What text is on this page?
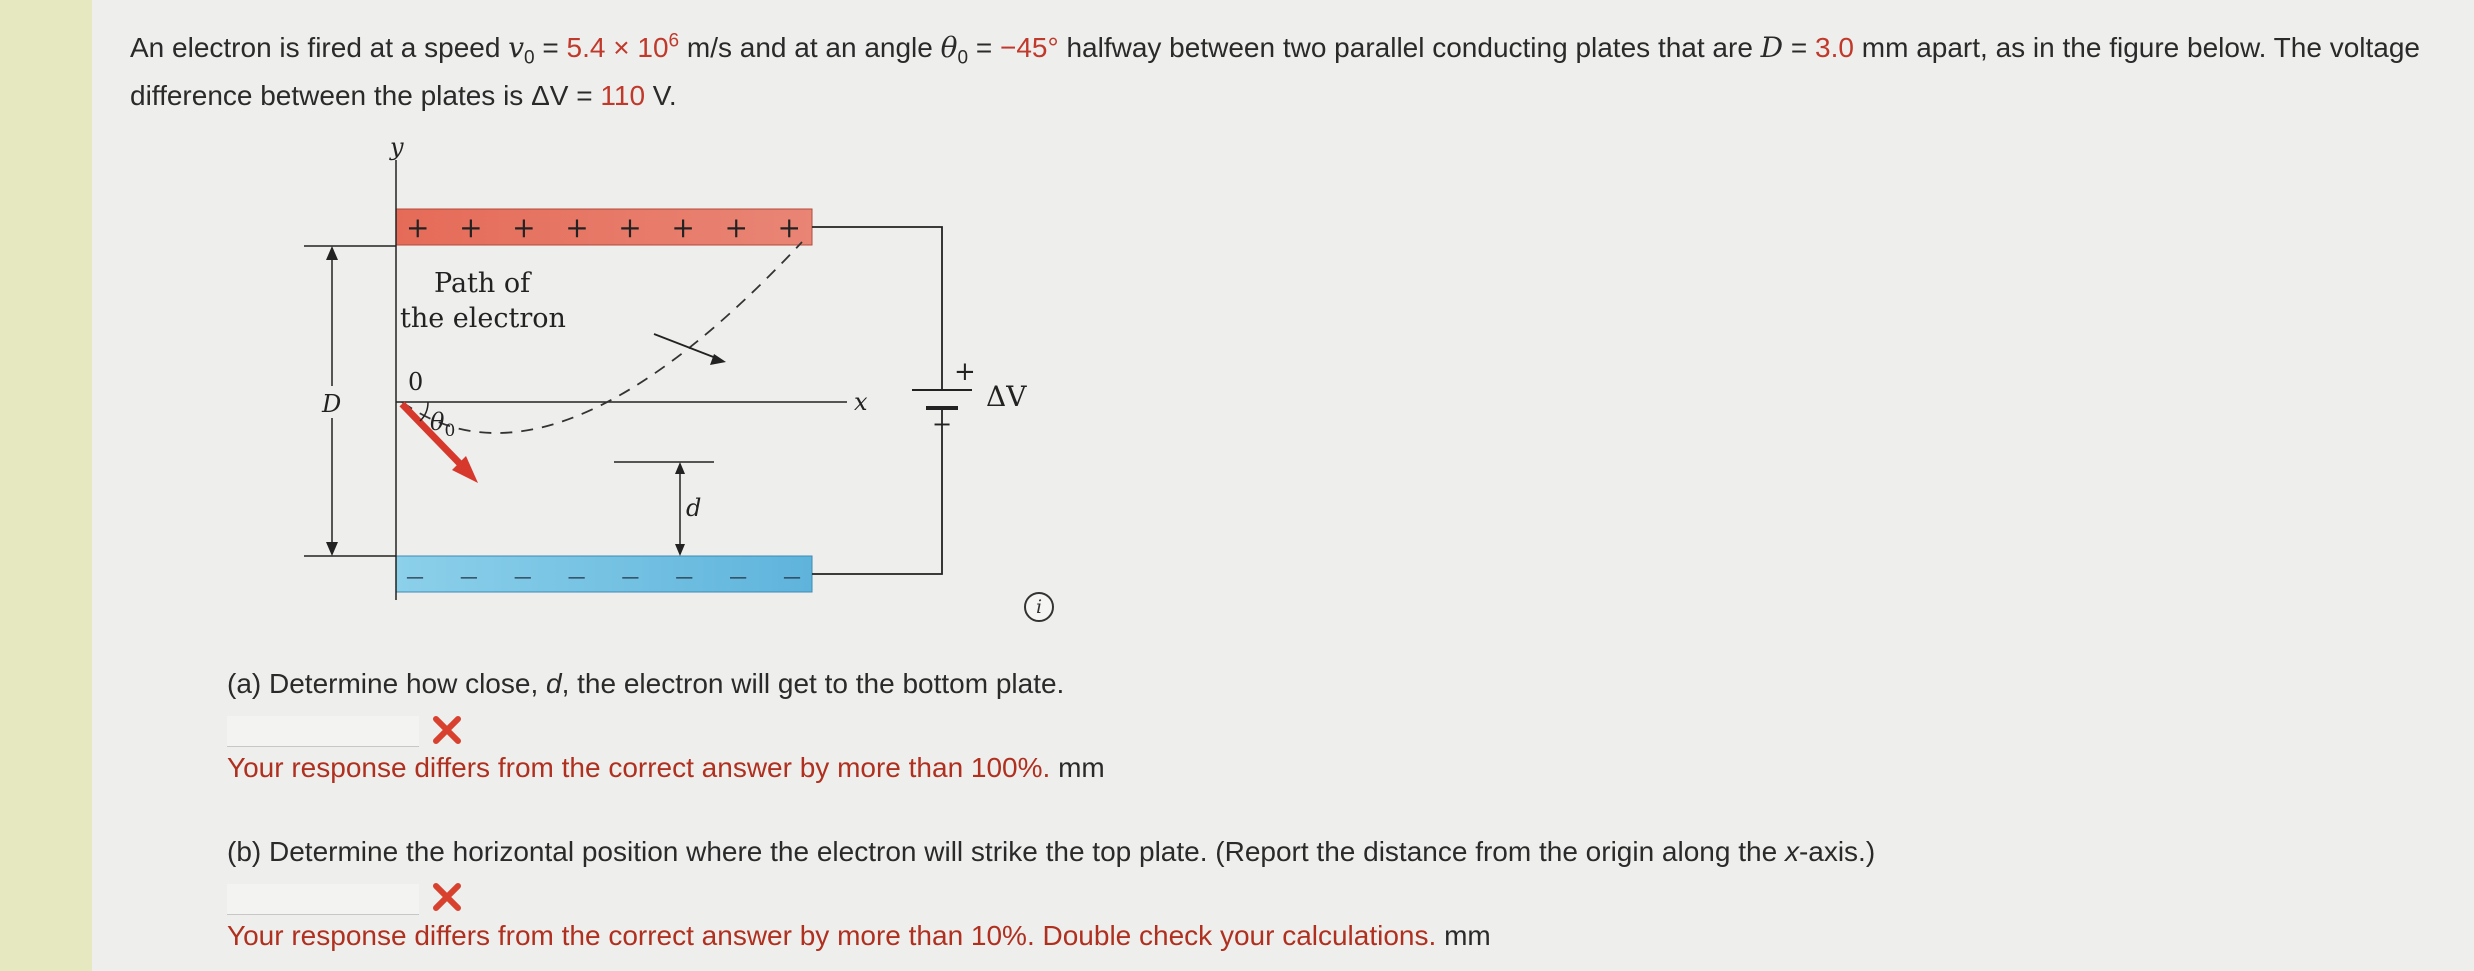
An electron is fired at a speed $v_0 = 5.4 \times 10^6$ m/s and at an angle $\theta_0 = -45^\circ$ halfway between two parallel conducting plates that are D = 3.0 mm apart, as in the figure below. The voltage difference between the plates is ΔV = 110 V.
+ + + + + + + +
— — — — — — — —
y
x
0
D
$\theta_0$
Path of
the electron
d
+
−
ΔV
i
(a) Determine how close, d, the electron will get to the bottom plate.
Your response differs from the correct answer by more than 100%. mm
(b) Determine the horizontal position where the electron will strike the top plate. (Report the distance from the origin along the x-axis.)
Your response differs from the correct answer by more than 10%. Double check your calculations. mm
